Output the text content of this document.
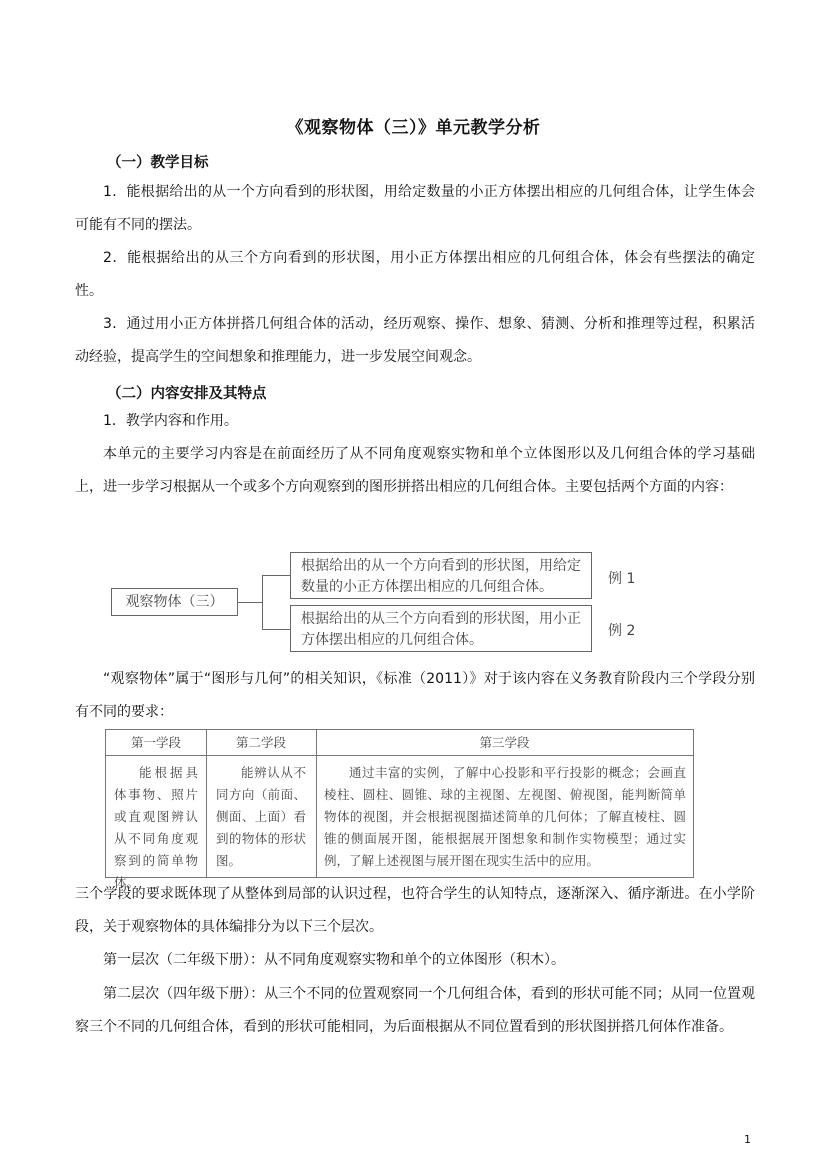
《观察物体（三）》单元教学分析
（一）教学目标
1．能根据给出的从一个方向看到的形状图，用给定数量的小正方体摆出相应的几何组合体，让学生体会可能有不同的摆法。
2．能根据给出的从三个方向看到的形状图，用小正方体摆出相应的几何组合体，体会有些摆法的确定性。
3．通过用小正方体拼搭几何组合体的活动，经历观察、操作、想象、猜测、分析和推理等过程，积累活动经验，提高学生的空间想象和推理能力，进一步发展空间观念。
（二）内容安排及其特点
1．教学内容和作用。
本单元的主要学习内容是在前面经历了从不同角度观察实物和单个立体图形以及几何组合体的学习基础上，进一步学习根据从一个或多个方向观察到的图形拼搭出相应的几何组合体。主要包括两个方面的内容：
观察物体（三）
根据给出的从一个方向看到的形状图，用给定数量的小正方体摆出相应的几何组合体。
根据给出的从三个方向看到的形状图，用小正方体摆出相应的几何组合体。
例 1
例 2
“观察物体”属于“图形与几何”的相关知识，《标准（2011）》对于该内容在义务教育阶段内三个学段分别有不同的要求：
第一学段	第二学段	第三学段
能根据具体事物、照片或直观图辨认从不同角度观察到的简单物体。
能辨认从不同方向（前面、侧面、上面）看到的物体的形状图。
通过丰富的实例，了解中心投影和平行投影的概念；会画直棱柱、圆柱、圆锥、球的主视图、左视图、俯视图，能判断简单物体的视图，并会根据视图描述简单的几何体；了解直棱柱、圆锥的侧面展开图，能根据展开图想象和制作实物模型；通过实例，了解上述视图与展开图在现实生活中的应用。
三个学段的要求既体现了从整体到局部的认识过程，也符合学生的认知特点，逐渐深入、循序渐进。在小学阶段，关于观察物体的具体编排分为以下三个层次。
第一层次（二年级下册）：从不同角度观察实物和单个的立体图形（积木）。
第二层次（四年级下册）：从三个不同的位置观察同一个几何组合体，看到的形状可能不同；从同一位置观察三个不同的几何组合体，看到的形状可能相同，为后面根据从不同位置看到的形状图拼搭几何体作准备。
1
